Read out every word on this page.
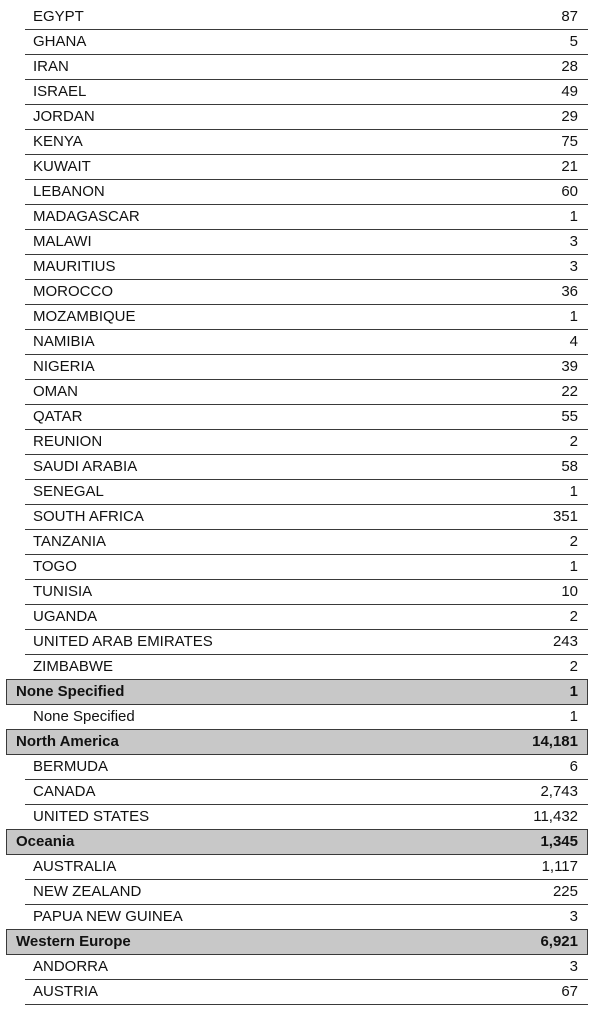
EGYPT	87
GHANA	5
IRAN	28
ISRAEL	49
JORDAN	29
KENYA	75
KUWAIT	21
LEBANON	60
MADAGASCAR	1
MALAWI	3
MAURITIUS	3
MOROCCO	36
MOZAMBIQUE	1
NAMIBIA	4
NIGERIA	39
OMAN	22
QATAR	55
REUNION	2
SAUDI ARABIA	58
SENEGAL	1
SOUTH AFRICA	351
TANZANIA	2
TOGO	1
TUNISIA	10
UGANDA	2
UNITED ARAB EMIRATES	243
ZIMBABWE	2
None Specified	1
None Specified	1
North America	14,181
BERMUDA	6
CANADA	2,743
UNITED STATES	11,432
Oceania	1,345
AUSTRALIA	1,117
NEW ZEALAND	225
PAPUA NEW GUINEA	3
Western Europe	6,921
ANDORRA	3
AUSTRIA	67
